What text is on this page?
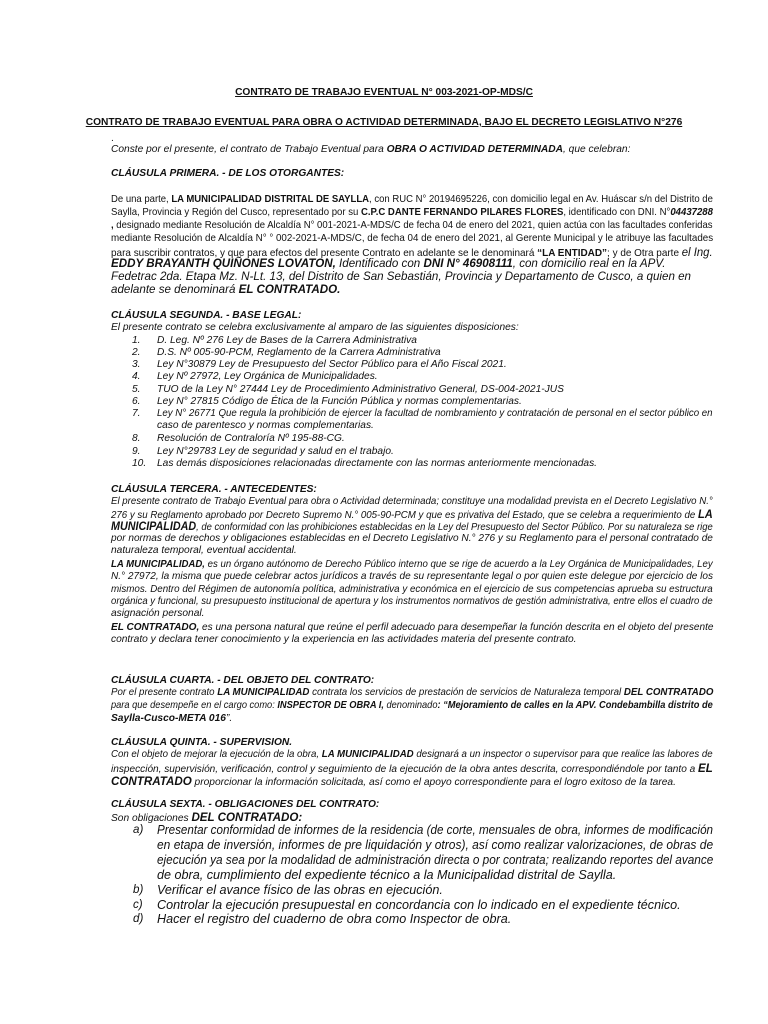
CONTRATO DE TRABAJO EVENTUAL N° 003-2021-OP-MDS/C
CONTRATO DE TRABAJO EVENTUAL PARA OBRA O ACTIVIDAD DETERMINADA, BAJO EL DECRETO LEGISLATIVO N°276
.
Conste por el presente, el contrato de Trabajo Eventual para OBRA O ACTIVIDAD DETERMINADA, que celebran:
CLÁUSULA PRIMERA. - DE LOS OTORGANTES:
De una parte, LA MUNICIPALIDAD DISTRITAL DE SAYLLA, con RUC N° 20194695226, con domicilio legal en Av. Huáscar s/n del Distrito de
Saylla, Provincia y Región del Cusco, representado por su C.P.C DANTE FERNANDO PILARES FLORES, identificado con DNI. N°04437288
, designado mediante Resolución de Alcaldía N° 001-2021-A-MDS/C de fecha 04 de enero del 2021, quien actúa con las facultades conferidas
mediante Resolución de Alcaldía N° ° 002-2021-A-MDS/C, de fecha 04 de enero del 2021, al Gerente Municipal y le atribuye las facultades
para suscribir contratos, y que para efectos del presente Contrato en adelante se le denominará “LA ENTIDAD”; y de Otra parte el Ing.
EDDY BRAYANTH QUIÑONES LOVATON, Identificado con DNI N° 46908111, con domicilio real en la APV.
Fedetrac 2da. Etapa Mz. N-Lt. 13, del Distrito de San Sebastián, Provincia y Departamento de Cusco, a quien en
adelante se denominará EL CONTRATADO.
CLÁUSULA SEGUNDA. - BASE LEGAL:
El presente contrato se celebra exclusivamente al amparo de las siguientes disposiciones:
1. D. Leg. Nº 276 Ley de Bases de la Carrera Administrativa
2. D.S. Nº 005-90-PCM, Reglamento de la Carrera Administrativa
3. Ley N°30879 Ley de Presupuesto del Sector Público para el Año Fiscal 2021.
4. Ley Nº 27972, Ley Orgánica de Municipalidades.
5. TUO de la Ley N° 27444 Ley de Procedimiento Administrativo General, DS-004-2021-JUS
6. Ley N° 27815 Código de Ética de la Función Pública y normas complementarias.
7. Ley N° 26771 Que regula la prohibición de ejercer la facultad de nombramiento y contratación de personal en el sector público en
caso de parentesco y normas complementarias.
8. Resolución de Contraloría Nº 195-88-CG.
9. Ley N°29783 Ley de seguridad y salud en el trabajo.
10. Las demás disposiciones relacionadas directamente con las normas anteriormente mencionadas.
CLÁUSULA TERCERA. - ANTECEDENTES:
El presente contrato de Trabajo Eventual para obra o Actividad determinada; constituye una modalidad prevista en el Decreto Legislativo N.°
276 y su Reglamento aprobado por Decreto Supremo N.° 005-90-PCM y que es privativa del Estado, que se celebra a requerimiento de LA
MUNICIPALIDAD, de conformidad con las prohibiciones establecidas en la Ley del Presupuesto del Sector Público. Por su naturaleza se rige
por normas de derechos y obligaciones establecidas en el Decreto Legislativo N.° 276 y su Reglamento para el personal contratado de
naturaleza temporal, eventual accidental.
LA MUNICIPALIDAD, es un órgano autónomo de Derecho Público interno que se rige de acuerdo a la Ley Orgánica de Municipalidades, Ley
N.° 27972, la misma que puede celebrar actos jurídicos a través de su representante legal o por quien este delegue por ejercicio de los
mismos. Dentro del Régimen de autonomía política, administrativa y económica en el ejercicio de sus competencias aprueba su estructura
orgánica y funcional, su presupuesto institucional de apertura y los instrumentos normativos de gestión administrativa, entre ellos el cuadro de
asignación personal.
EL CONTRATADO, es una persona natural que reúne el perfil adecuado para desempeñar la función descrita en el objeto del presente
contrato y declara tener conocimiento y la experiencia en las actividades materia del presente contrato.
CLÁUSULA CUARTA. - DEL OBJETO DEL CONTRATO:
Por el presente contrato LA MUNICIPALIDAD contrata los servicios de prestación de servicios de Naturaleza temporal DEL CONTRATADO
para que desempeñe en el cargo como: INSPECTOR DE OBRA I, denominado: “Mejoramiento de calles en la APV. Condebambilla distrito de
Saylla-Cusco-META 016”.
CLÁUSULA QUINTA. - SUPERVISION.
Con el objeto de mejorar la ejecución de la obra, LA MUNICIPALIDAD designará a un inspector o supervisor para que realice las labores de
inspección, supervisión, verificación, control y seguimiento de la ejecución de la obra antes descrita, correspondiéndole por tanto a EL
CONTRATADO proporcionar la información solicitada, así como el apoyo correspondiente para el logro exitoso de la tarea.
CLÁUSULA SEXTA. - OBLIGACIONES DEL CONTRATO:
Son obligaciones DEL CONTRATADO:
a) Presentar conformidad de informes de la residencia (de corte, mensuales de obra, informes de modificación
en etapa de inversión, informes de pre liquidación y otros), así como realizar valorizaciones, de obras de
ejecución ya sea por la modalidad de administración directa o por contrata; realizando reportes del avance
de obra, cumplimiento del expediente técnico a la Municipalidad distrital de Saylla.
b) Verificar el avance físico de las obras en ejecución.
c) Controlar la ejecución presupuestal en concordancia con lo indicado en el expediente técnico.
d) Hacer el registro del cuaderno de obra como Inspector de obra.
